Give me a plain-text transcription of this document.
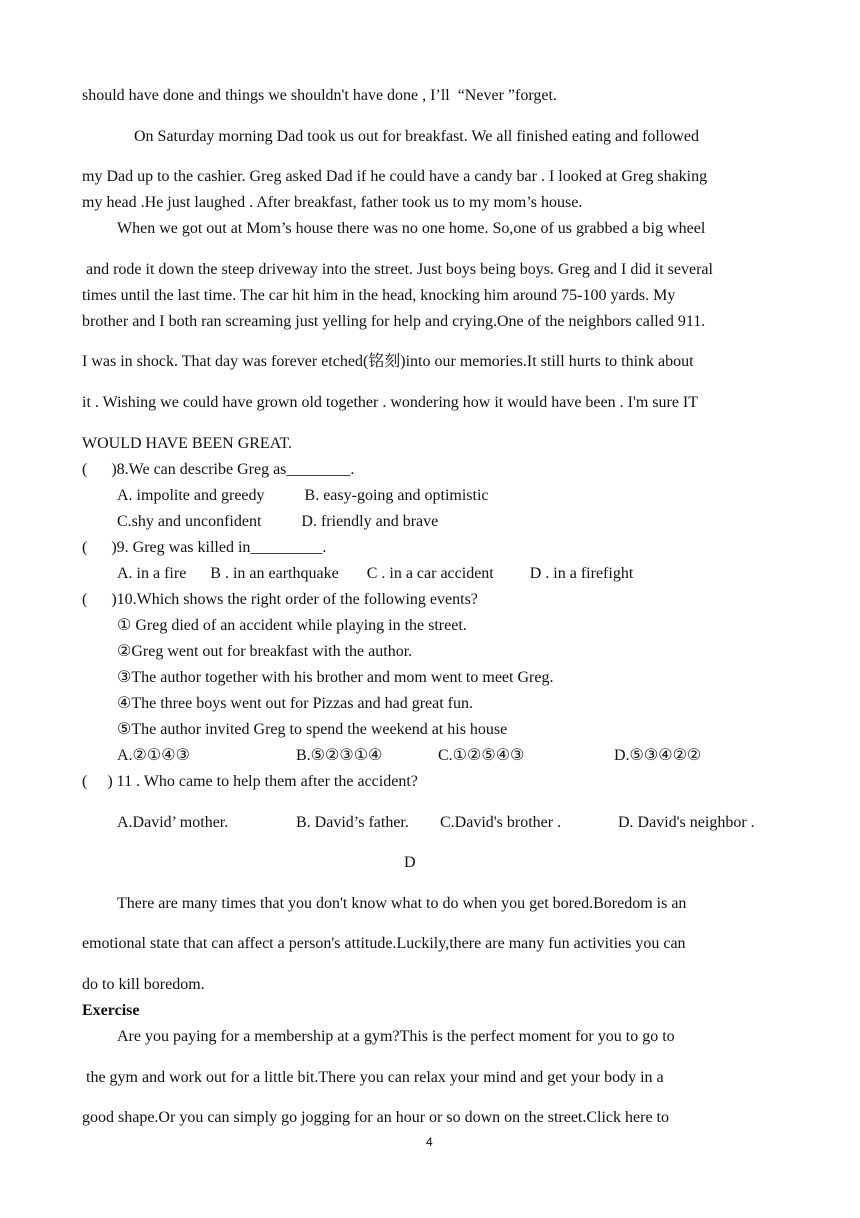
should have done and things we shouldn't have done , I’ll  “Never ”forget.
On Saturday morning Dad took us out for breakfast. We all finished eating and followed
my Dad up to the cashier. Greg asked Dad if he could have a candy bar . I looked at Greg shaking
my head .He just laughed . After breakfast, father took us to my mom’s house.
When we got out at Mom’s house there was no one home. So,one of us grabbed a big wheel
and rode it down the steep driveway into the street. Just boys being boys. Greg and I did it several
times until the last time. The car hit him in the head, knocking him around 75-100 yards. My
brother and I both ran screaming just yelling for help and crying.One of the neighbors called 911.
I was in shock. That day was forever etched(铭刻)into our memories.It still hurts to think about
it . Wishing we could have grown old together . wondering how it would have been . I'm sure IT
WOULD HAVE BEEN GREAT.
(      )8.We can describe Greg as________.
A. impolite and greedy          B. easy-going and optimistic
C.shy and unconfident          D. friendly and brave
(      )9. Greg was killed in_________.
A. in a fire      B . in an earthquake       C . in a car accident         D . in a firefight
(      )10.Which shows the right order of the following events?
① Greg died of an accident while playing in the street.
②Greg went out for breakfast with the author.
③The author together with his brother and mom went to meet Greg.
④The three boys went out for Pizzas and had great fun.
⑤The author invited Greg to spend the weekend at his house
A.②①④③	B.⑤②③①④	C.①②⑤④③	D.⑤③④②②
(     ) 11 . Who came to help them after the accident?
A.David’ mother.	B. David’s father. C.David's brother .	D. David's neighbor .
D
There are many times that you don't know what to do when you get bored.Boredom is an
emotional state that can affect a person's attitude.Luckily,there are many fun activities you can
do to kill boredom.
Exercise
Are you paying for a membership at a gym?This is the perfect moment for you to go to
the gym and work out for a little bit.There you can relax your mind and get your body in a
good shape.Or you can simply go jogging for an hour or so down on the street.Click here to
4
